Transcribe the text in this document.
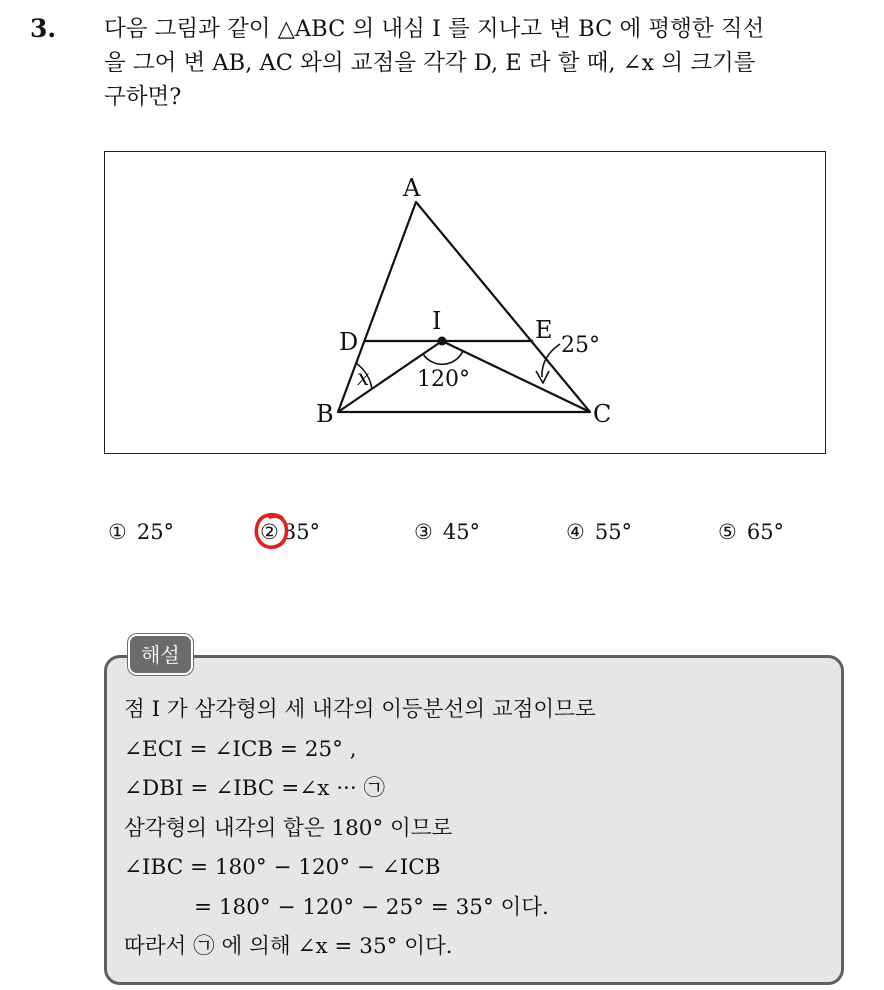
3. 다음 그림과 같이 △ABC 의 내심 I 를 지나고 변 BC 에 평행한 직선
을 그어 변 AB, AC 와의 교점을 각각 D, E 라 할 때, ∠x 의 크기를
구하면?
A
B	C
D	E
I
120°
25°
x
① 25°	② 35°	③ 45°	④ 55°	⑤ 65°
해설
점 I 가 삼각형의 세 내각의 이등분선의 교점이므로
∠ECI = ∠ICB = 25° ,
∠DBI = ∠IBC =∠x ··· ㉠
삼각형의 내각의 합은 180° 이므로
∠IBC = 180° − 120° − ∠ICB
= 180° − 120° − 25° = 35° 이다.
따라서 ㉠ 에 의해 ∠x = 35° 이다.
